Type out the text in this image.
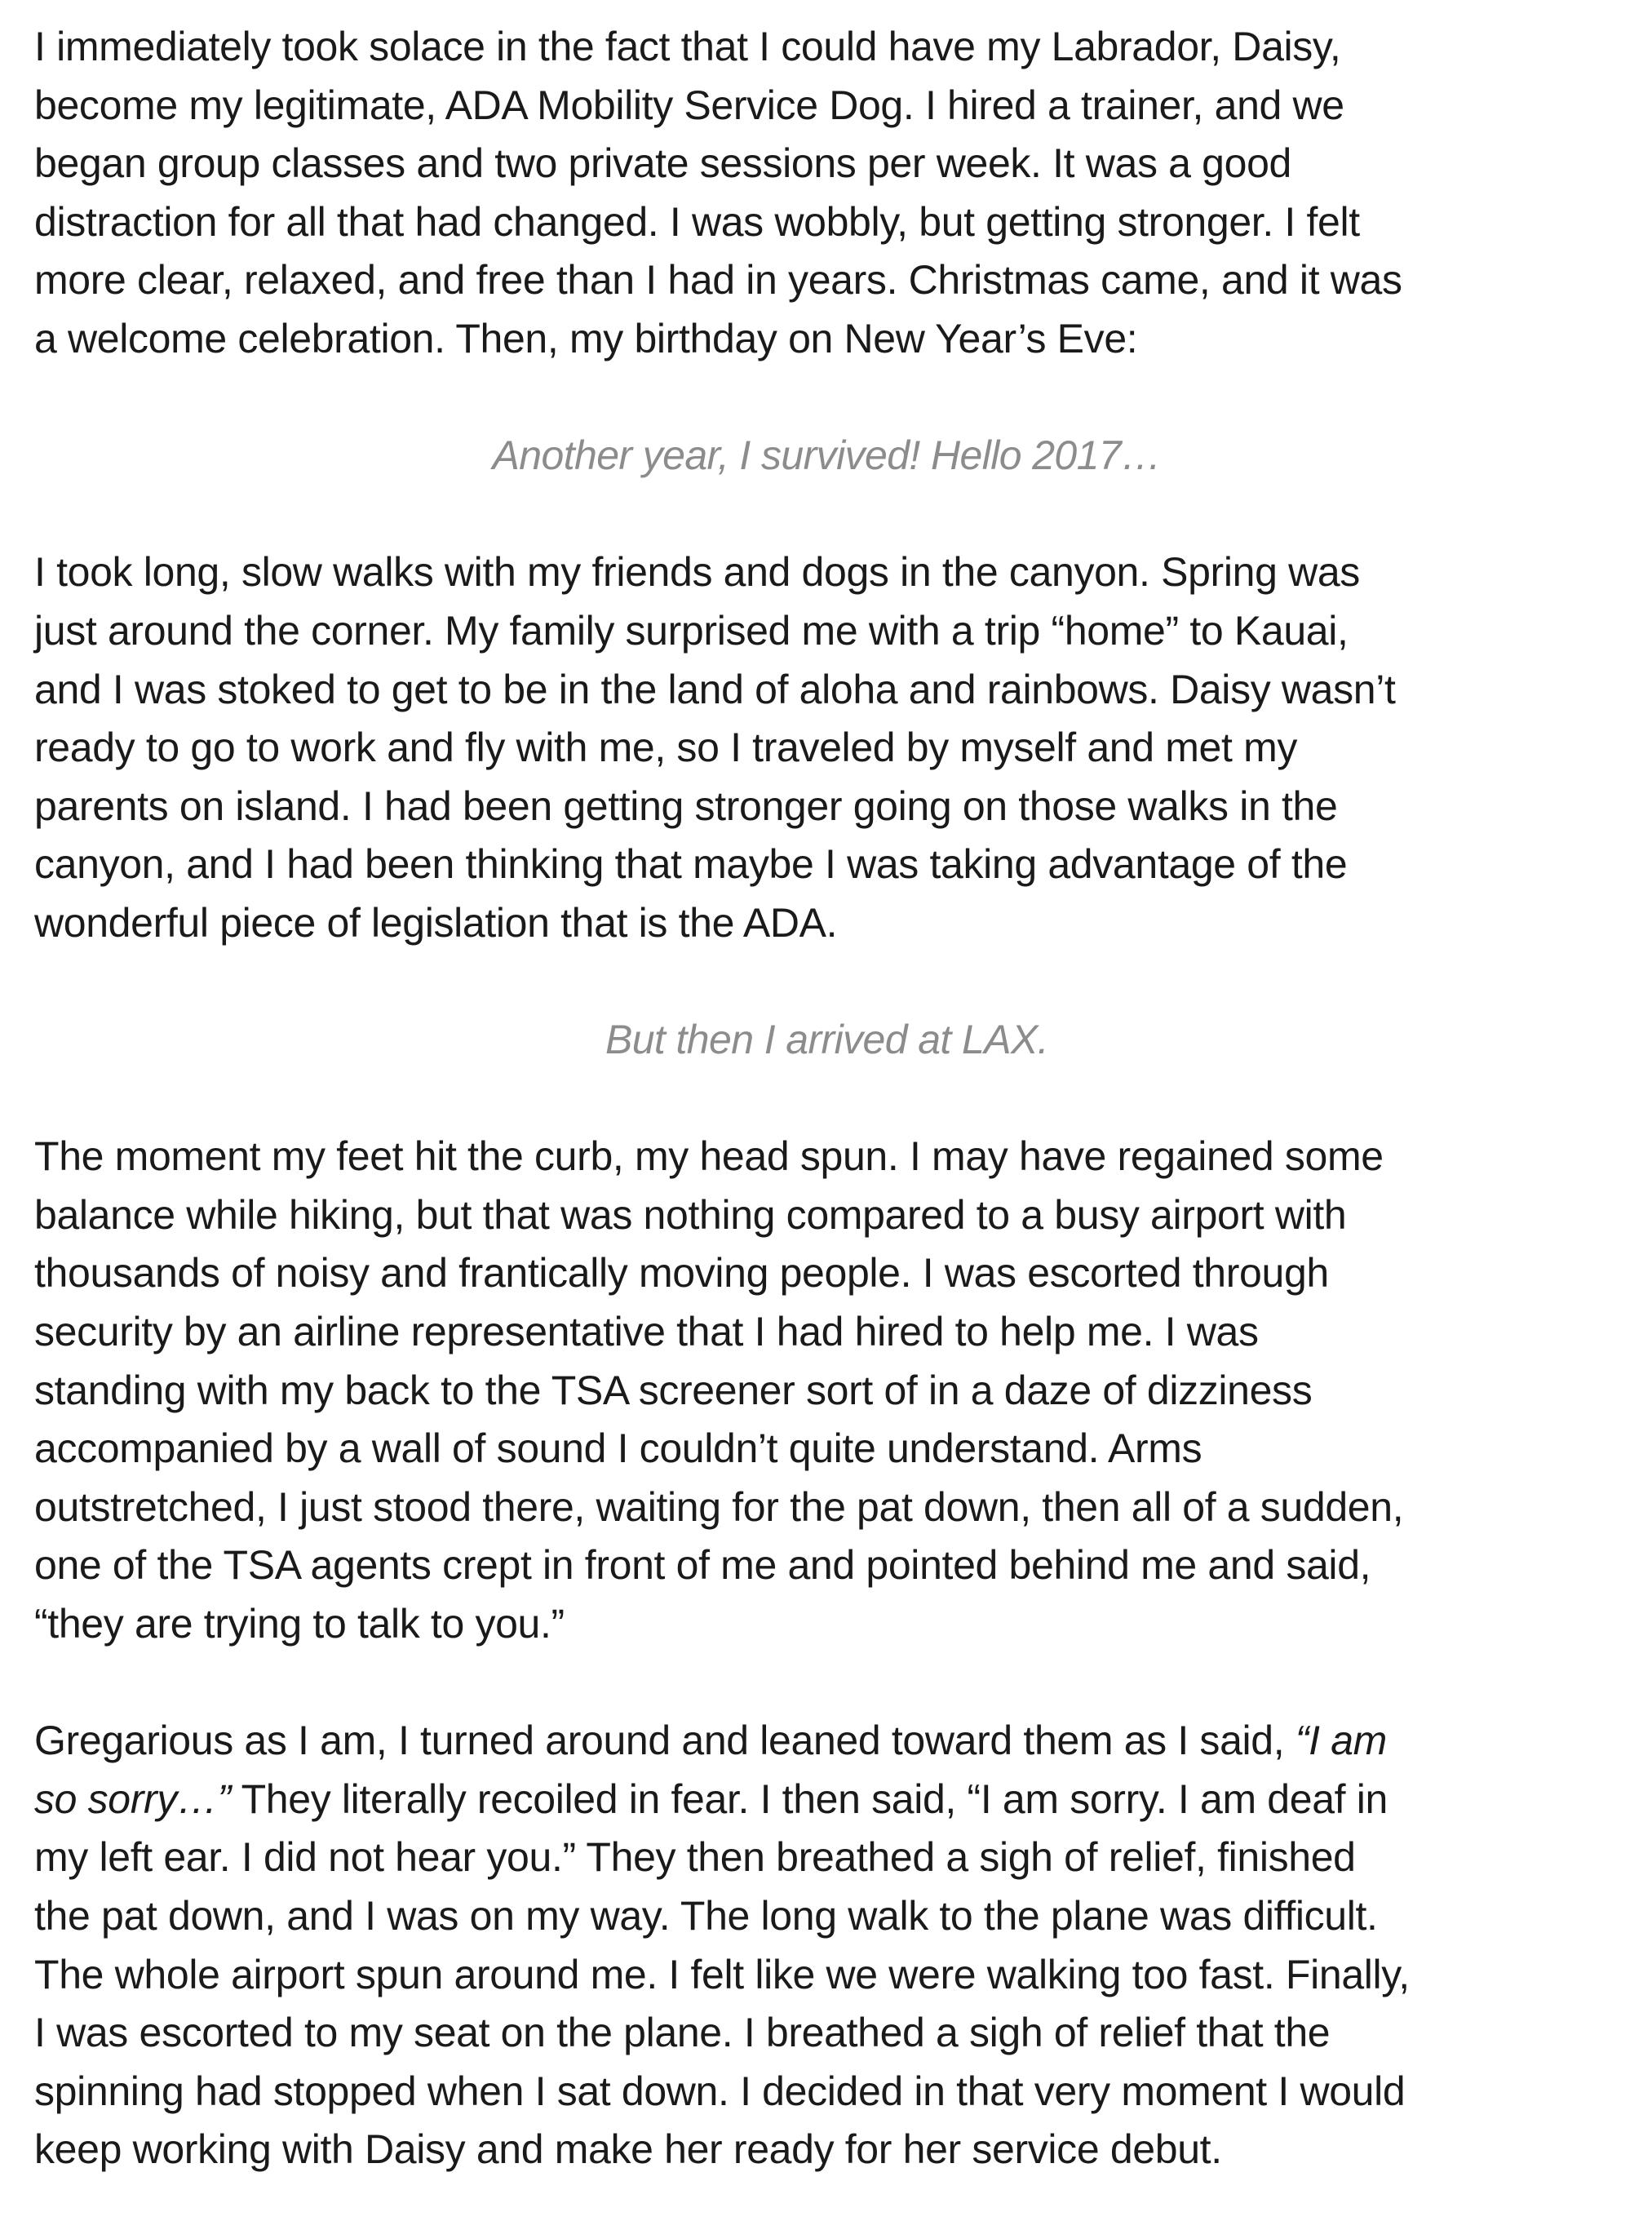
I immediately took solace in the fact that I could have my Labrador, Daisy,
become my legitimate, ADA Mobility Service Dog. I hired a trainer, and we
began group classes and two private sessions per week. It was a good
distraction for all that had changed. I was wobbly, but getting stronger. I felt
more clear, relaxed, and free than I had in years. Christmas came, and it was
a welcome celebration. Then, my birthday on New Year’s Eve:

Another year, I survived! Hello 2017…

I took long, slow walks with my friends and dogs in the canyon. Spring was
just around the corner. My family surprised me with a trip “home” to Kauai,
and I was stoked to get to be in the land of aloha and rainbows. Daisy wasn’t
ready to go to work and fly with me, so I traveled by myself and met my
parents on island. I had been getting stronger going on those walks in the
canyon, and I had been thinking that maybe I was taking advantage of the
wonderful piece of legislation that is the ADA.

But then I arrived at LAX.

The moment my feet hit the curb, my head spun. I may have regained some
balance while hiking, but that was nothing compared to a busy airport with
thousands of noisy and frantically moving people. I was escorted through
security by an airline representative that I had hired to help me. I was
standing with my back to the TSA screener sort of in a daze of dizziness
accompanied by a wall of sound I couldn’t quite understand. Arms
outstretched, I just stood there, waiting for the pat down, then all of a sudden,
one of the TSA agents crept in front of me and pointed behind me and said,
“they are trying to talk to you.”

Gregarious as I am, I turned around and leaned toward them as I said, “I am
so sorry…” They literally recoiled in fear. I then said, “I am sorry. I am deaf in
my left ear. I did not hear you.” They then breathed a sigh of relief, finished
the pat down, and I was on my way. The long walk to the plane was difficult.
The whole airport spun around me. I felt like we were walking too fast. Finally,
I was escorted to my seat on the plane. I breathed a sigh of relief that the
spinning had stopped when I sat down. I decided in that very moment I would
keep working with Daisy and make her ready for her service debut.
